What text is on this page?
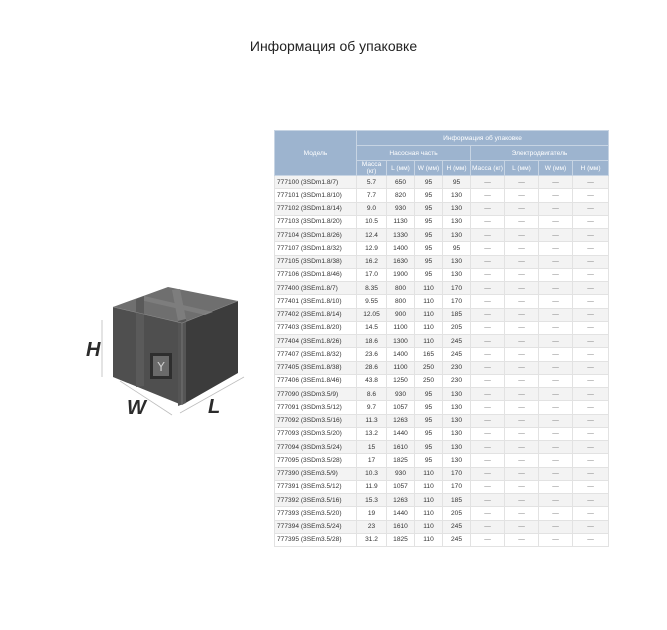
Информация об упаковке
Y
H
W	L
Модель	Информация об упаковке							
	Насосная часть				Электродвигатель			
	Масса (кг)	L (мм)	W (мм)	H (мм)	Масса (кг)	L (мм)	W (мм)	H (мм)
777100 (3SDm1.8/7)	5.7	650	95	95	—	—	—	—
777101 (3SDm1.8/10)	7.7	820	95	130	—	—	—	—
777102 (3SDm1.8/14)	9.0	930	95	130	—	—	—	—
777103 (3SDm1.8/20)	10.5	1130	95	130	—	—	—	—
777104 (3SDm1.8/26)	12.4	1330	95	130	—	—	—	—
777107 (3SDm1.8/32)	12.9	1400	95	95	—	—	—	—
777105 (3SDm1.8/38)	16.2	1630	95	130	—	—	—	—
777106 (3SDm1.8/46)	17.0	1900	95	130	—	—	—	—
777400 (3SEm1.8/7)	8.35	800	110	170	—	—	—	—
777401 (3SEm1.8/10)	9.55	800	110	170	—	—	—	—
777402 (3SEm1.8/14)	12.05	900	110	185	—	—	—	—
777403 (3SEm1.8/20)	14.5	1100	110	205	—	—	—	—
777404 (3SEm1.8/26)	18.6	1300	110	245	—	—	—	—
777407 (3SEm1.8/32)	23.6	1400	165	245	—	—	—	—
777405 (3SEm1.8/38)	28.6	1100	250	230	—	—	—	—
777406 (3SEm1.8/46)	43.8	1250	250	230	—	—	—	—
777090 (3SDm3.5/9)	8.6	930	95	130	—	—	—	—
777091 (3SDm3.5/12)	9.7	1057	95	130	—	—	—	—
777092 (3SDm3.5/16)	11.3	1263	95	130	—	—	—	—
777093 (3SDm3.5/20)	13.2	1440	95	130	—	—	—	—
777094 (3SDm3.5/24)	15	1610	95	130	—	—	—	—
777095 (3SDm3.5/28)	17	1825	95	130	—	—	—	—
777390 (3SEm3.5/9)	10.3	930	110	170	—	—	—	—
777391 (3SEm3.5/12)	11.9	1057	110	170	—	—	—	—
777392 (3SEm3.5/16)	15.3	1263	110	185	—	—	—	—
777393 (3SEm3.5/20)	19	1440	110	205	—	—	—	—
777394 (3SEm3.5/24)	23	1610	110	245	—	—	—	—
777395 (3SEm3.5/28)	31.2	1825	110	245	—	—	—	—
